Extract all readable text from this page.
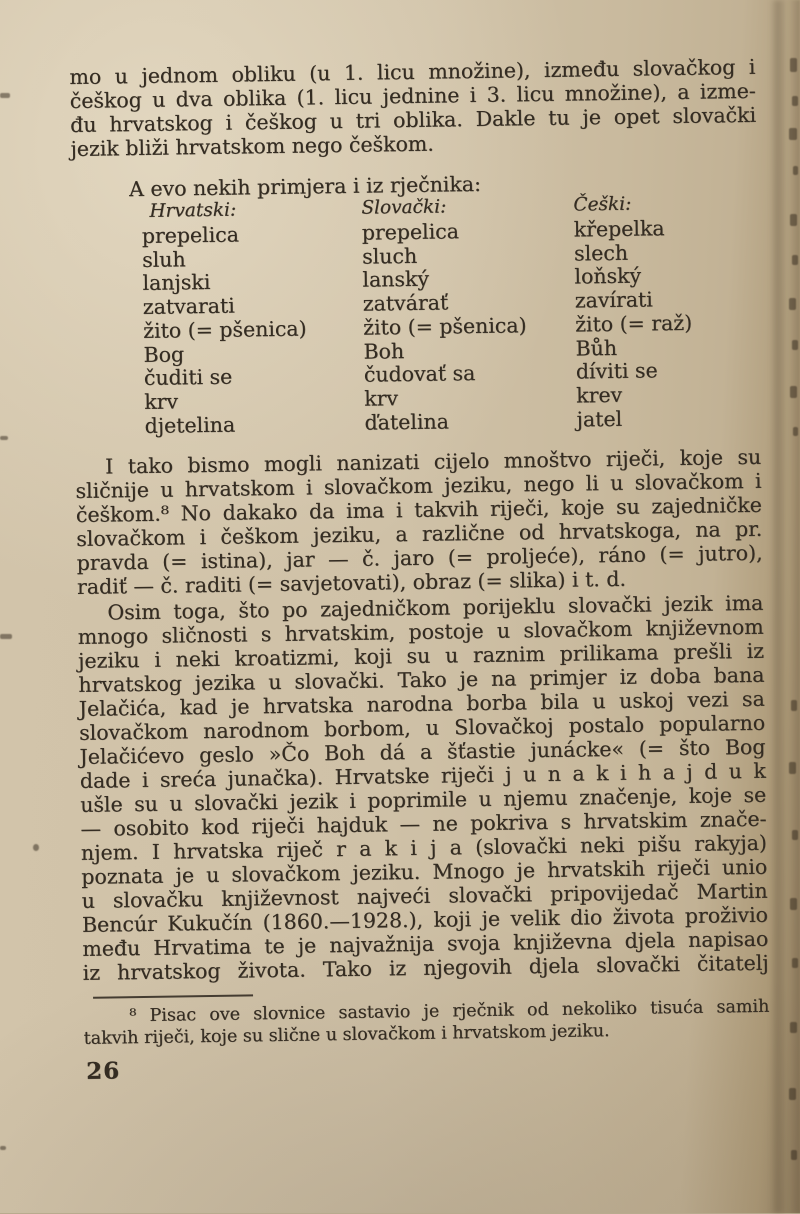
mo u jednom obliku (u 1. licu množine), između slovačkog i
češkog u dva oblika (1. licu jednine i 3. licu množine), a izme-
đu hrvatskog i češkog u tri oblika. Dakle tu je opet slovački
jezik bliži hrvatskom nego češkom.
A evo nekih primjera i iz rječnika:
Hrvatski:
prepelica
sluh
lanjski
zatvarati
žito (= pšenica)
Bog
čuditi se
krv
djetelina
Slovački:
prepelica
sluch
lanský
zatvárať
žito (= pšenica)
Boh
čudovať sa
krv
ďatelina
Češki:
křepelka
slech
loňský
zavírati
žito (= raž)
Bůh
díviti se
krev
jatel
I tako bismo mogli nanizati cijelo mnoštvo riječi, koje su
sličnije u hrvatskom i slovačkom jeziku, nego li u slovačkom i
češkom.⁸ No dakako da ima i takvih riječi, koje su zajedničke
slovačkom i češkom jeziku, a različne od hrvatskoga, na pr.
pravda (= istina), jar — č. jaro (= proljeće), ráno (= jutro),
radiť — č. raditi (= savjetovati), obraz (= slika) i t. d.
Osim toga, što po zajedničkom porijeklu slovački jezik ima
mnogo sličnosti s hrvatskim, postoje u slovačkom književnom
jeziku i neki kroatizmi, koji su u raznim prilikama prešli iz
hrvatskog jezika u slovački. Tako je na primjer iz doba bana
Jelačića, kad je hrvatska narodna borba bila u uskoj vezi sa
slovačkom narodnom borbom, u Slovačkoj postalo popularno
Jelačićevo geslo »Čo Boh dá a šťastie junácke« (= što Bog
dade i sreća junačka). Hrvatske riječi j u n a k i h a j d u k
ušle su u slovački jezik i poprimile u njemu značenje, koje se
— osobito kod riječi hajduk — ne pokriva s hrvatskim znače-
njem. I hrvatska riječ r a k i j a (slovački neki pišu rakyja)
poznata je u slovačkom jeziku. Mnogo je hrvatskih riječi unio
u slovačku književnost najveći slovački pripovijedač Martin
Bencúr Kukučín (1860.—1928.), koji je velik dio života proživio
među Hrvatima te je najvažnija svoja književna djela napisao
iz hrvatskog života. Tako iz njegovih djela slovački čitatelj
⁸ Pisac ove slovnice sastavio je rječnik od nekoliko tisuća samih
takvih riječi, koje su slične u slovačkom i hrvatskom jeziku.
26
